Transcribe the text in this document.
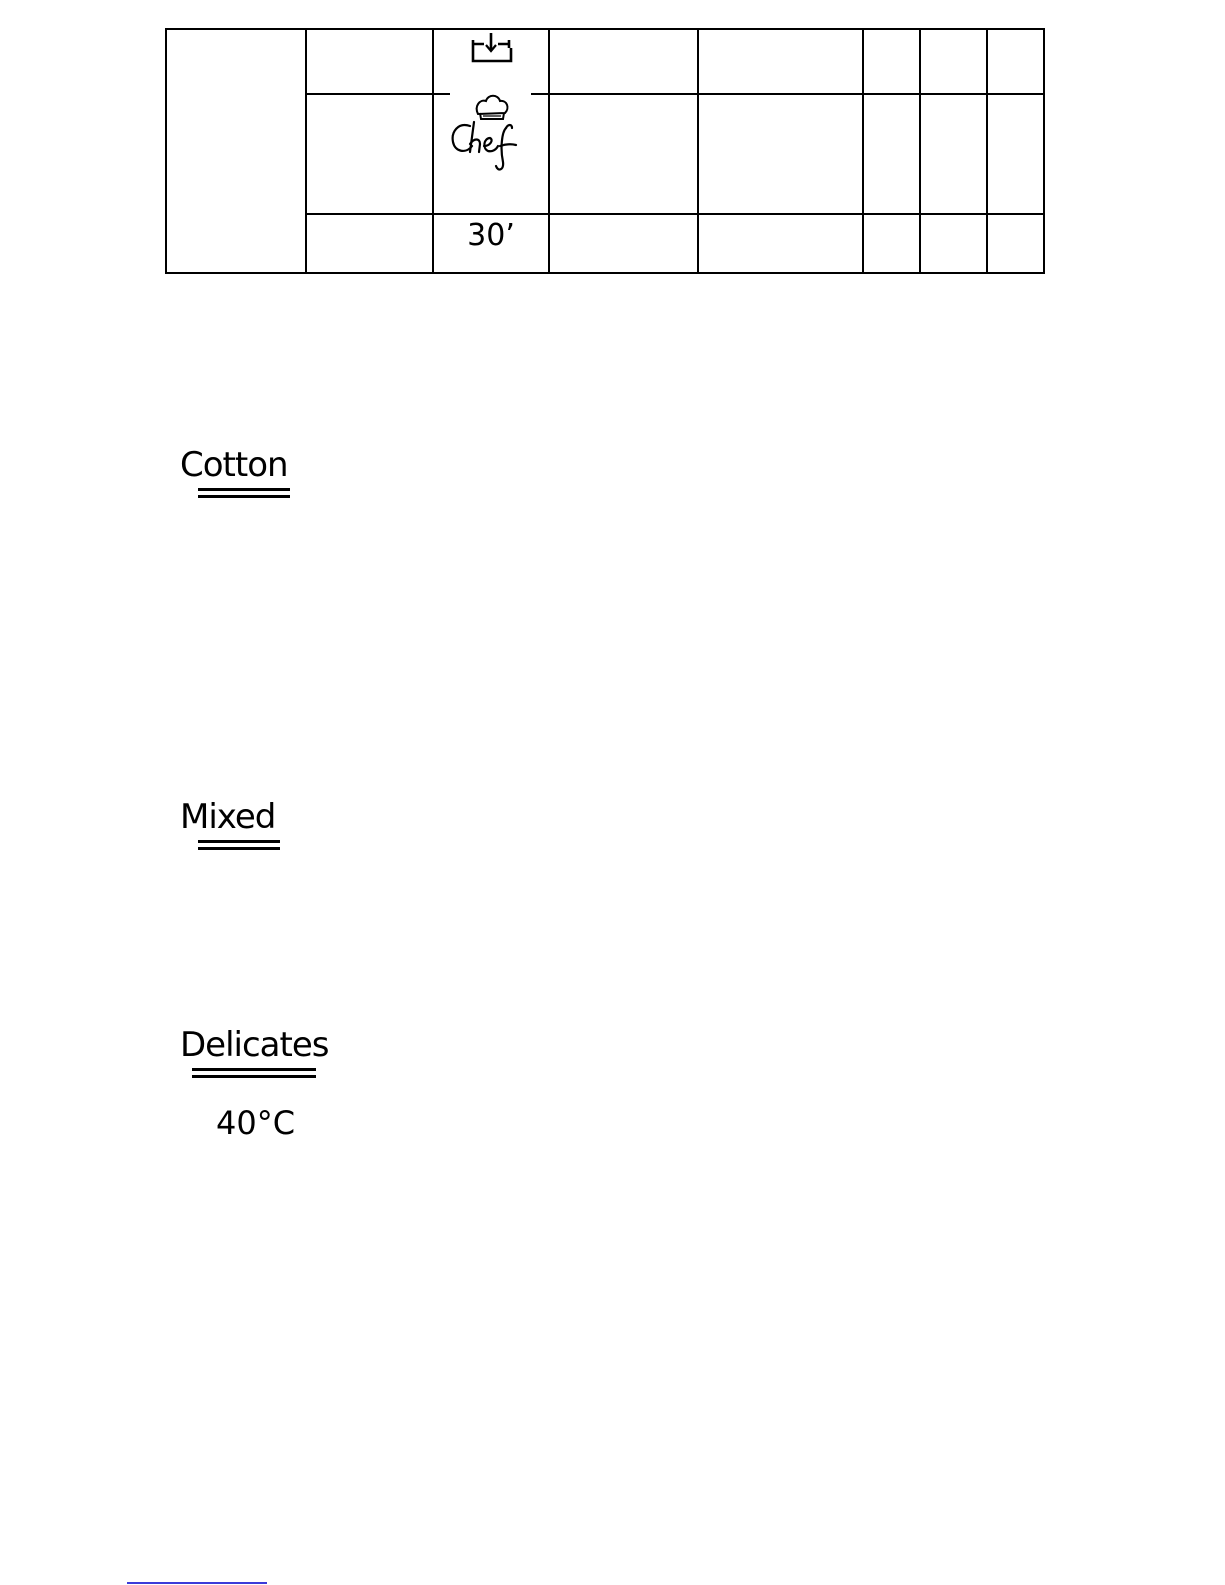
30’
Cotton
Mixed
Delicates
40°C
